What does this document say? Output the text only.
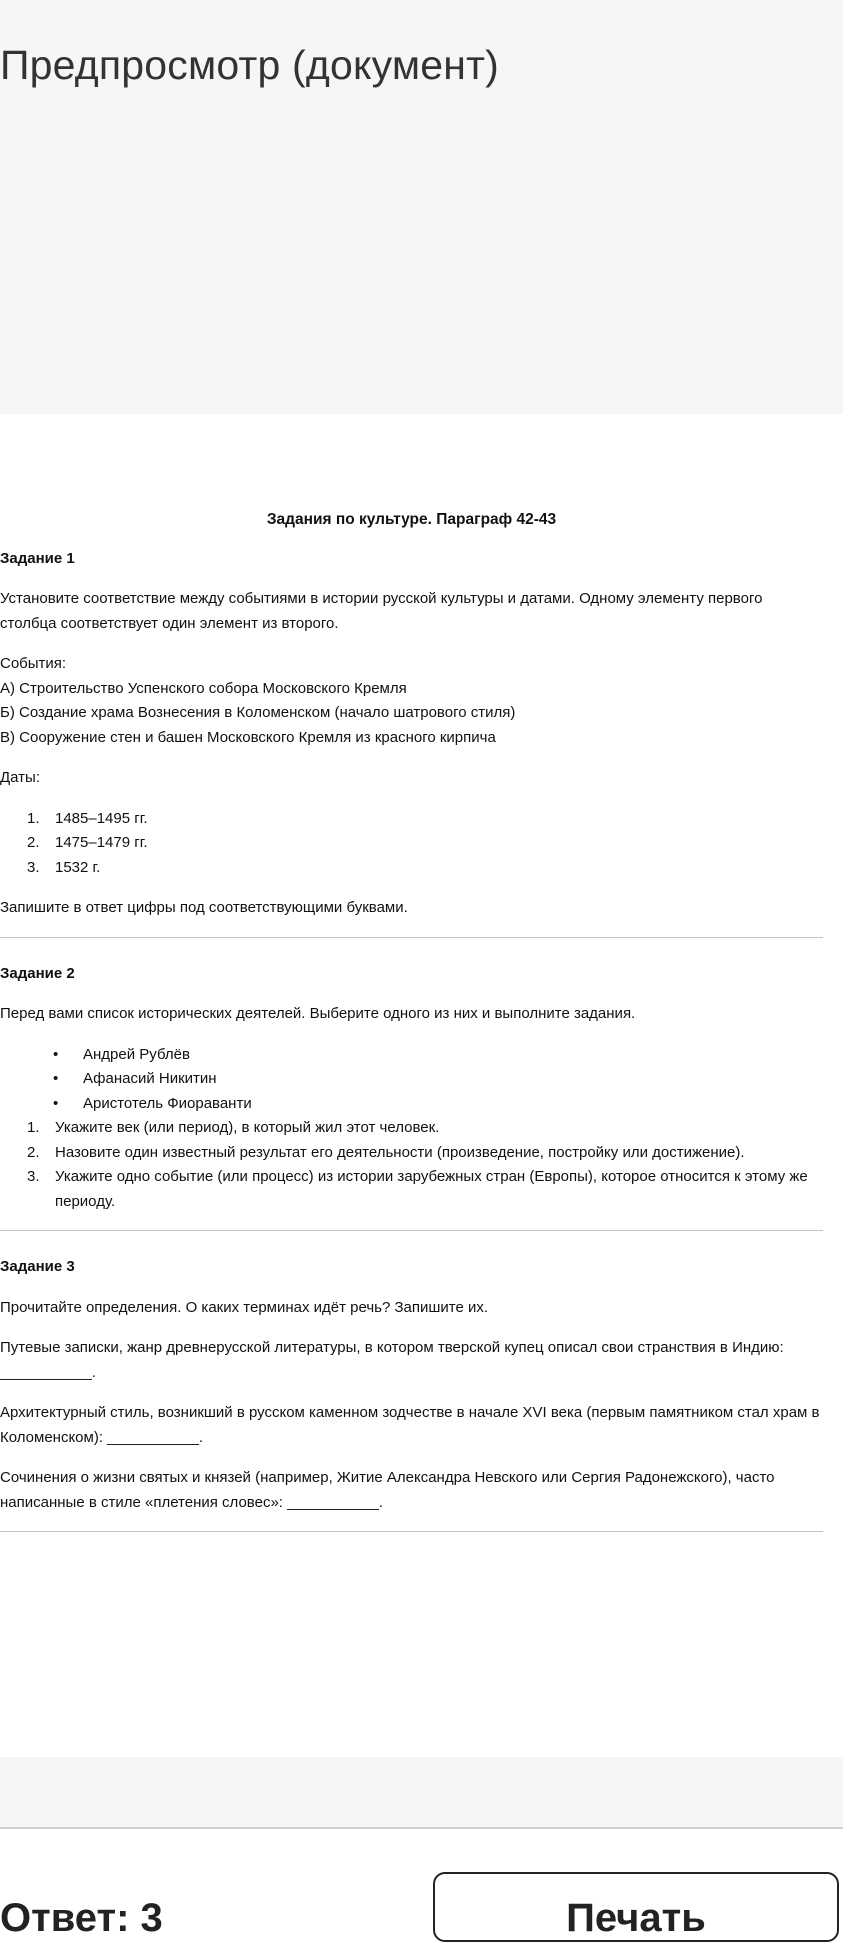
Предпросмотр (документ)
Задания по культуре. Параграф 42-43
Задание 1

Установите соответствие между событиями в истории русской культуры и датами. Одному элементу первого столбца соответствует один элемент из второго.

События:
А) Строительство Успенского собора Московского Кремля
Б) Создание храма Вознесения в Коломенском (начало шатрового стиля)
В) Сооружение стен и башен Московского Кремля из красного кирпича

Даты:

1. 1485–1495 гг.
2. 1475–1479 гг.
3. 1532 г.

Запишите в ответ цифры под соответствующими буквами.

Задание 2

Перед вами список исторических деятелей. Выберите одного из них и выполните задания.

• Андрей Рублёв
• Афанасий Никитин
• Аристотель Фиораванти
1. Укажите век (или период), в который жил этот человек.
2. Назовите один известный результат его деятельности (произведение, постройку или достижение).
3. Укажите одно событие (или процесс) из истории зарубежных стран (Европы), которое относится к этому же периоду.
Задание 3

Прочитайте определения. О каких терминах идёт речь? Запишите их.

Путевые записки, жанр древнерусской литературы, в котором тверской купец описал свои странствия в Индию: ___________.

Архитектурный стиль, возникший в русском каменном зодчестве в начале XVI века (первым памятником стал храм в Коломенском): ___________.

Сочинения о жизни святых и князей (например, Житие Александра Невского или Сергия Радонежского), часто написанные в стиле «плетения словес»: ___________.

Ответ: 3	Печать
